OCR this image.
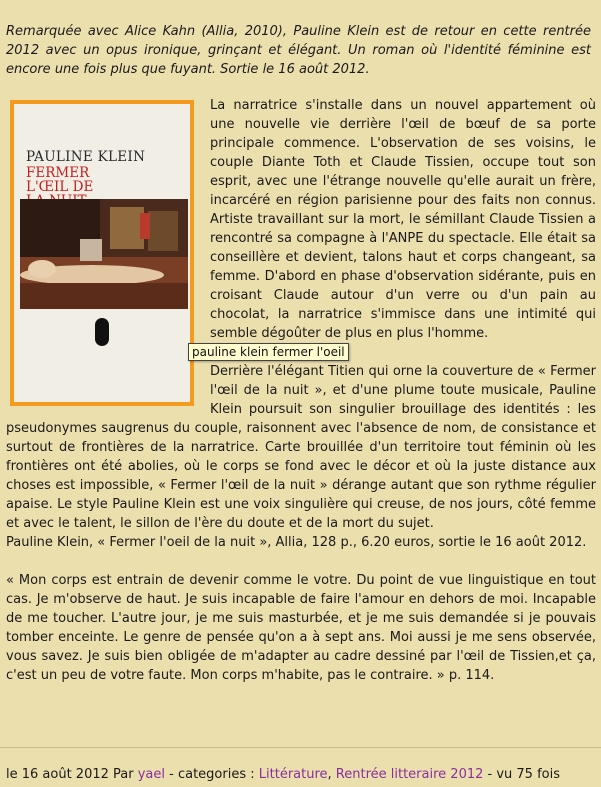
Remarquée avec Alice Kahn (Allia, 2010), Pauline Klein est de retour en cette rentrée 2012 avec un opus ironique, grinçant et élégant. Un roman où l'identité féminine est encore une fois plus que fuyant. Sortie le 16 août 2012.

La narratrice s'installe dans un nouvel appartement où une nouvelle vie derrière l'œil de bœuf de sa porte principale commence. L'observation de ses voisins, le couple Diante Toth et Claude Tissien, occupe tout son esprit, avec une l'étrange nouvelle qu'elle aurait un frère, incarcéré en région parisienne pour des faits non connus. Artiste travaillant sur la mort, le sémillant Claude Tissien a rencontré sa compagne à l'ANPE du spectacle. Elle était sa conseillère et devient, talons haut et corps changeant, sa femme. D'abord en phase d'observation sidérante, puis en croisant Claude autour d'un verre ou d'un pain au chocolat, la narratrice s'immisce dans une intimité qui semble dégoûter de plus en plus l'homme.

Derrière l'élégant Titien qui orne la couverture de « Fermer l'œil de la nuit », et d'une plume toute musicale, Pauline Klein poursuit son singulier brouillage des identités : les pseudonymes saugrenus du couple, raisonnent avec l'absence de nom, de consistance et surtout de frontières de la narratrice. Carte brouillée d'un territoire tout féminin où les frontières ont été abolies, où le corps se fond avec le décor et où la juste distance aux choses est impossible, « Fermer l'œil de la nuit » dérange autant que son rythme régulier apaise. Le style Pauline Klein est une voix singulière qui creuse, de nos jours, côté femme et avec le talent, le sillon de l'ère du doute et de la mort du sujet.

PAULINE KLEIN
FERMER L'ŒIL DE
pauline klein fermer l'oeil

Pauline Klein, « Fermer l'oeil de la nuit », Allia, 128 p., 6.20 euros, sortie le 16 août 2012.

« Mon corps est entrain de devenir comme le votre. Du point de vue linguistique en tout cas. Je m'observe de haut. Je suis incapable de faire l'amour en dehors de moi. Incapable de me toucher. L'autre jour, je me suis masturbée, et je me suis demandée si je pouvais tomber enceinte. Le genre de pensée qu'on a à sept ans. Moi aussi je me sens observée, vous savez. Je suis bien obligée de m'adapter au cadre dessiné par l'œil de Tissien,et ça, c'est un peu de votre faute. Mon corps m'habite, pas le contraire. » p. 114.

le 16 août 2012 Par yael - categories : Littérature, Rentrée litteraire 2012 - vu 75 fois
